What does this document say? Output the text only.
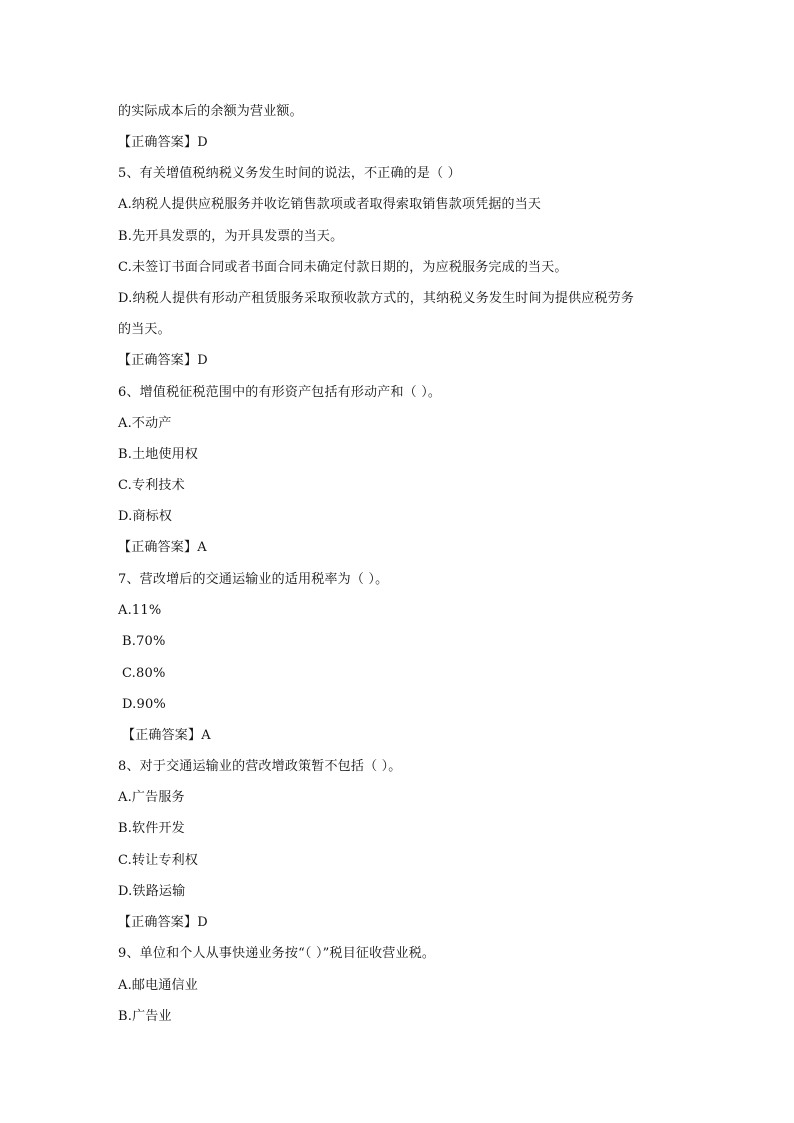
的实际成本后的余额为营业额。
【正确答案】D
5、有关增值税纳税义务发生时间的说法，不正确的是（ ）
A.纳税人提供应税服务并收讫销售款项或者取得索取销售款项凭据的当天
B.先开具发票的，为开具发票的当天。
C.未签订书面合同或者书面合同未确定付款日期的，为应税服务完成的当天。
D.纳税人提供有形动产租赁服务采取预收款方式的，其纳税义务发生时间为提供应税劳务
的当天。
【正确答案】D
6、增值税征税范围中的有形资产包括有形动产和（ ）。
A.不动产
B.土地使用权
C.专利技术
D.商标权
【正确答案】A
7、营改增后的交通运输业的适用税率为（ ）。
A.11%
B.70%
C.80%
D.90%
【正确答案】A
8、对于交通运输业的营改增政策暂不包括（ ）。
A.广告服务
B.软件开发
C.转让专利权
D.铁路运输
【正确答案】D
9、单位和个人从事快递业务按“（ ）”税目征收营业税。
A.邮电通信业
B.广告业
